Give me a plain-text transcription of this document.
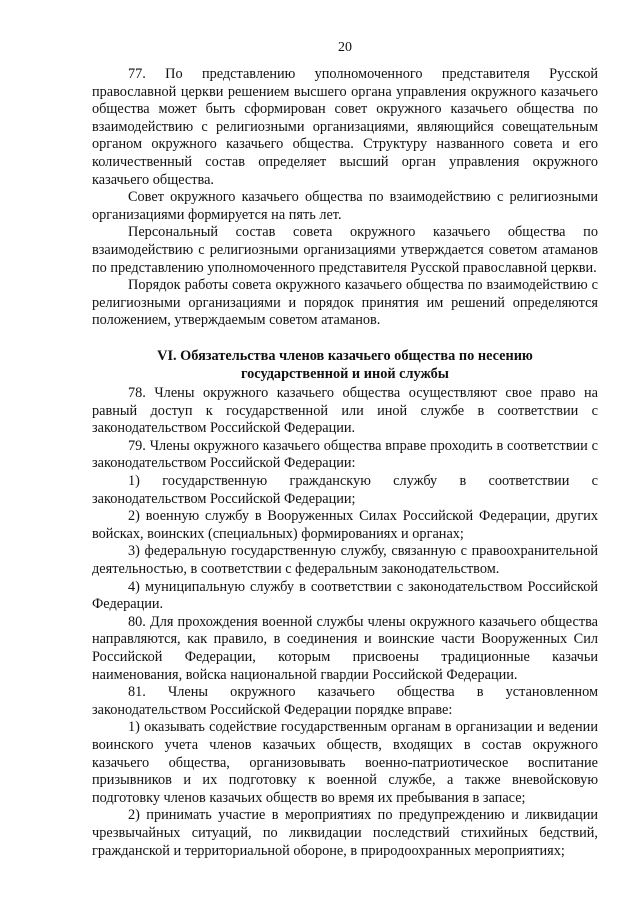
20

77. По представлению уполномоченного представителя Русской православной церкви решением высшего органа управления окружного казачьего общества может быть сформирован совет окружного казачьего общества по взаимодействию с религиозными организациями, являющийся совещательным органом окружного казачьего общества. Структуру названного совета и его количественный состав определяет высший орган управления окружного казачьего общества.

Совет окружного казачьего общества по взаимодействию с религиозными организациями формируется на пять лет.

Персональный состав совета окружного казачьего общества по взаимодействию с религиозными организациями утверждается советом атаманов по представлению уполномоченного представителя Русской православной церкви.

Порядок работы совета окружного казачьего общества по взаимодействию с религиозными организациями и порядок принятия им решений определяются положением, утверждаемым советом атаманов.

VI. Обязательства членов казачьего общества по несению государственной и иной службы

78. Члены окружного казачьего общества осуществляют свое право на равный доступ к государственной или иной службе в соответствии с законодательством Российской Федерации.

79. Члены окружного казачьего общества вправе проходить в соответствии с законодательством Российской Федерации:

1) государственную гражданскую службу в соответствии с законодательством Российской Федерации;

2) военную службу в Вооруженных Силах Российской Федерации, других войсках, воинских (специальных) формированиях и органах;

3) федеральную государственную службу, связанную с правоохранительной деятельностью, в соответствии с федеральным законодательством.

4) муниципальную службу в соответствии с законодательством Российской Федерации.

80. Для прохождения военной службы члены окружного казачьего общества направляются, как правило, в соединения и воинские части Вооруженных Сил Российской Федерации, которым присвоены традиционные казачьи наименования, войска национальной гвардии Российской Федерации.

81. Члены окружного казачьего общества в установленном законодательством Российской Федерации порядке вправе:

1) оказывать содействие государственным органам в организации и ведении воинского учета членов казачьих обществ, входящих в состав окружного казачьего общества, организовывать военно-патриотическое воспитание призывников и их подготовку к военной службе, а также вневойсковую подготовку членов казачьих обществ во время их пребывания в запасе;

2) принимать участие в мероприятиях по предупреждению и ликвидации чрезвычайных ситуаций, по ликвидации последствий стихийных бедствий, гражданской и территориальной обороне, в природоохранных мероприятиях;
